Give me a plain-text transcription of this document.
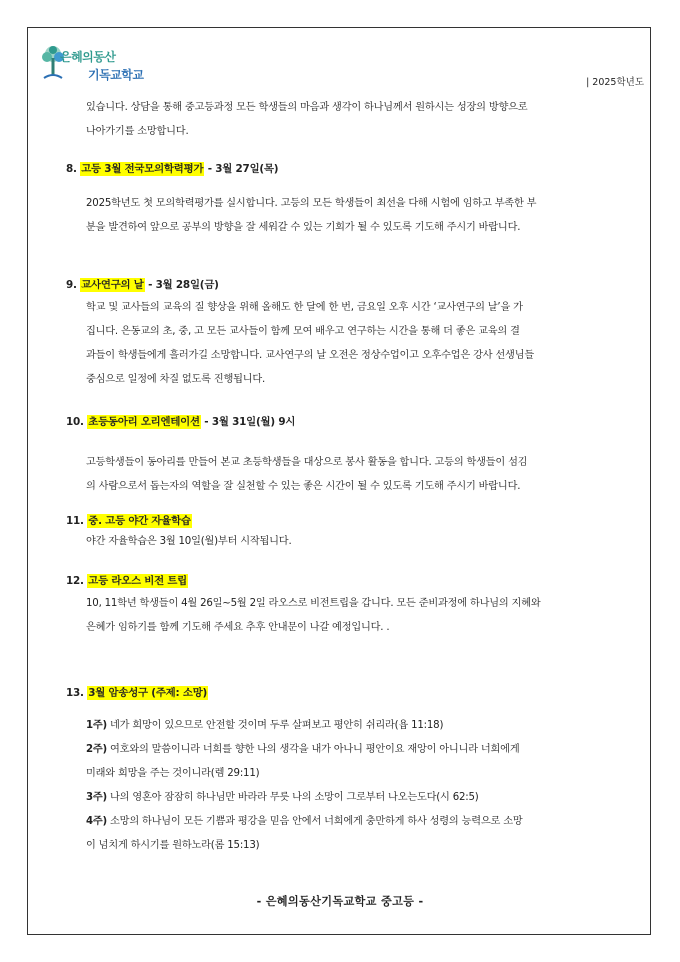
은혜의동산
기독교학교
| 2025학년도
있습니다. 상담을 통해 중고등과정 모든 학생들의 마음과 생각이 하나님께서 원하시는 성장의 방향으로
나아가기를 소망합니다.
8. 고등 3월 전국모의학력평가 - 3월 27일(목)
2025학년도 첫 모의학력평가를 실시합니다. 고등의 모든 학생들이 최선을 다해 시험에 임하고 부족한 부
분을 발견하여 앞으로 공부의 방향을 잘 세워갈 수 있는 기회가 될 수 있도록 기도해 주시기 바랍니다.
9. 교사연구의 날 - 3월 28일(금)
학교 및 교사들의 교육의 질 향상을 위해 올해도 한 달에 한 번, 금요일 오후 시간 ‘교사연구의 날’을 가
집니다. 은동교의 초, 중, 고 모든 교사들이 함께 모여 배우고 연구하는 시간을 통해 더 좋은 교육의 결
과들이 학생들에게 흘러가길 소망합니다. 교사연구의 날 오전은 정상수업이고 오후수업은 강사 선생님들
중심으로 일정에 차질 없도록 진행됩니다.
10. 초등동아리 오리엔테이션 - 3월 31일(월) 9시
고등학생들이 동아리를 만들어 본교 초등학생들을 대상으로 봉사 활동을 합니다. 고등의 학생들이 섬김
의 사람으로서 돕는자의 역할을 잘 실천할 수 있는 좋은 시간이 될 수 있도록 기도해 주시기 바랍니다.
11. 중. 고등 야간 자율학습
야간 자율학습은 3월 10일(월)부터 시작됩니다.
12. 고등 라오스 비전 트립
10, 11학년 학생들이 4월 26일~5월 2일 라오스로 비전트립을 갑니다. 모든 준비과정에 하나님의 지혜와
은혜가 임하기를 함께 기도해 주세요 추후 안내문이 나갈 예정입니다. .
13. 3월 암송성구 (주제: 소망)
1주) 네가 희망이 있으므로 안전할 것이며 두루 살펴보고 평안히 쉬리라(욥 11:18)
2주) 여호와의 말씀이니라 너희를 향한 나의 생각을 내가 아나니 평안이요 재앙이 아니니라 너희에게
미래와 희망을 주는 것이니라(렘 29:11)
3주) 나의 영혼아 잠잠히 하나님만 바라라 무릇 나의 소망이 그로부터 나오는도다(시 62:5)
4주) 소망의 하나님이 모든 기쁨과 평강을 믿음 안에서 너희에게 충만하게 하사 성령의 능력으로 소망
이 넘치게 하시기를 원하노라(롬 15:13)
- 은혜의동산기독교학교 중고등 -
